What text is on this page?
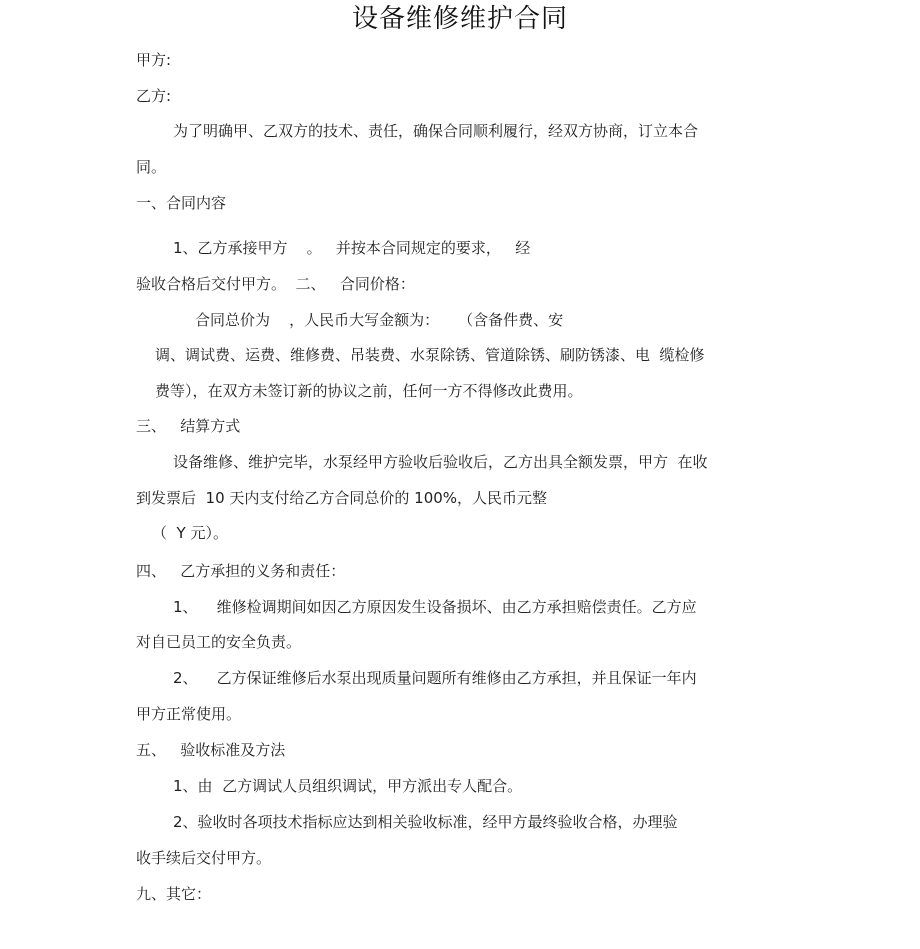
设备维修维护合同
甲方:
乙方:
为了明确甲、乙双方的技术、责任，确保合同顺利履行，经双方协商，订立本合
同。
一、合同内容
1、乙方承接甲方    。   并按本合同规定的要求，   经
验收合格后交付甲方。  二、   合同价格：
合同总价为    ，人民币大写金额为：    （含备件费、安
调、调试费、运费、维修费、吊装费、水泵除锈、管道除锈、刷防锈漆、电  缆检修
费等），在双方未签订新的协议之前，任何一方不得修改此费用。
三、   结算方式
设备维修、维护完毕，水泵经甲方验收后验收后，乙方出具全额发票，甲方  在收
到发票后  10 天内支付给乙方合同总价的 100%，人民币元整
（  Y 元）。
四、   乙方承担的义务和责任：
1、    维修检调期间如因乙方原因发生设备损坏、由乙方承担赔偿责任。乙方应
对自已员工的安全负责。
2、    乙方保证维修后水泵出现质量问题所有维修由乙方承担，并且保证一年内
甲方正常使用。
五、   验收标准及方法
1、由  乙方调试人员组织调试，甲方派出专人配合。
2、验收时各项技术指标应达到相关验收标准，经甲方最终验收合格，办理验
收手续后交付甲方。
九、其它：
